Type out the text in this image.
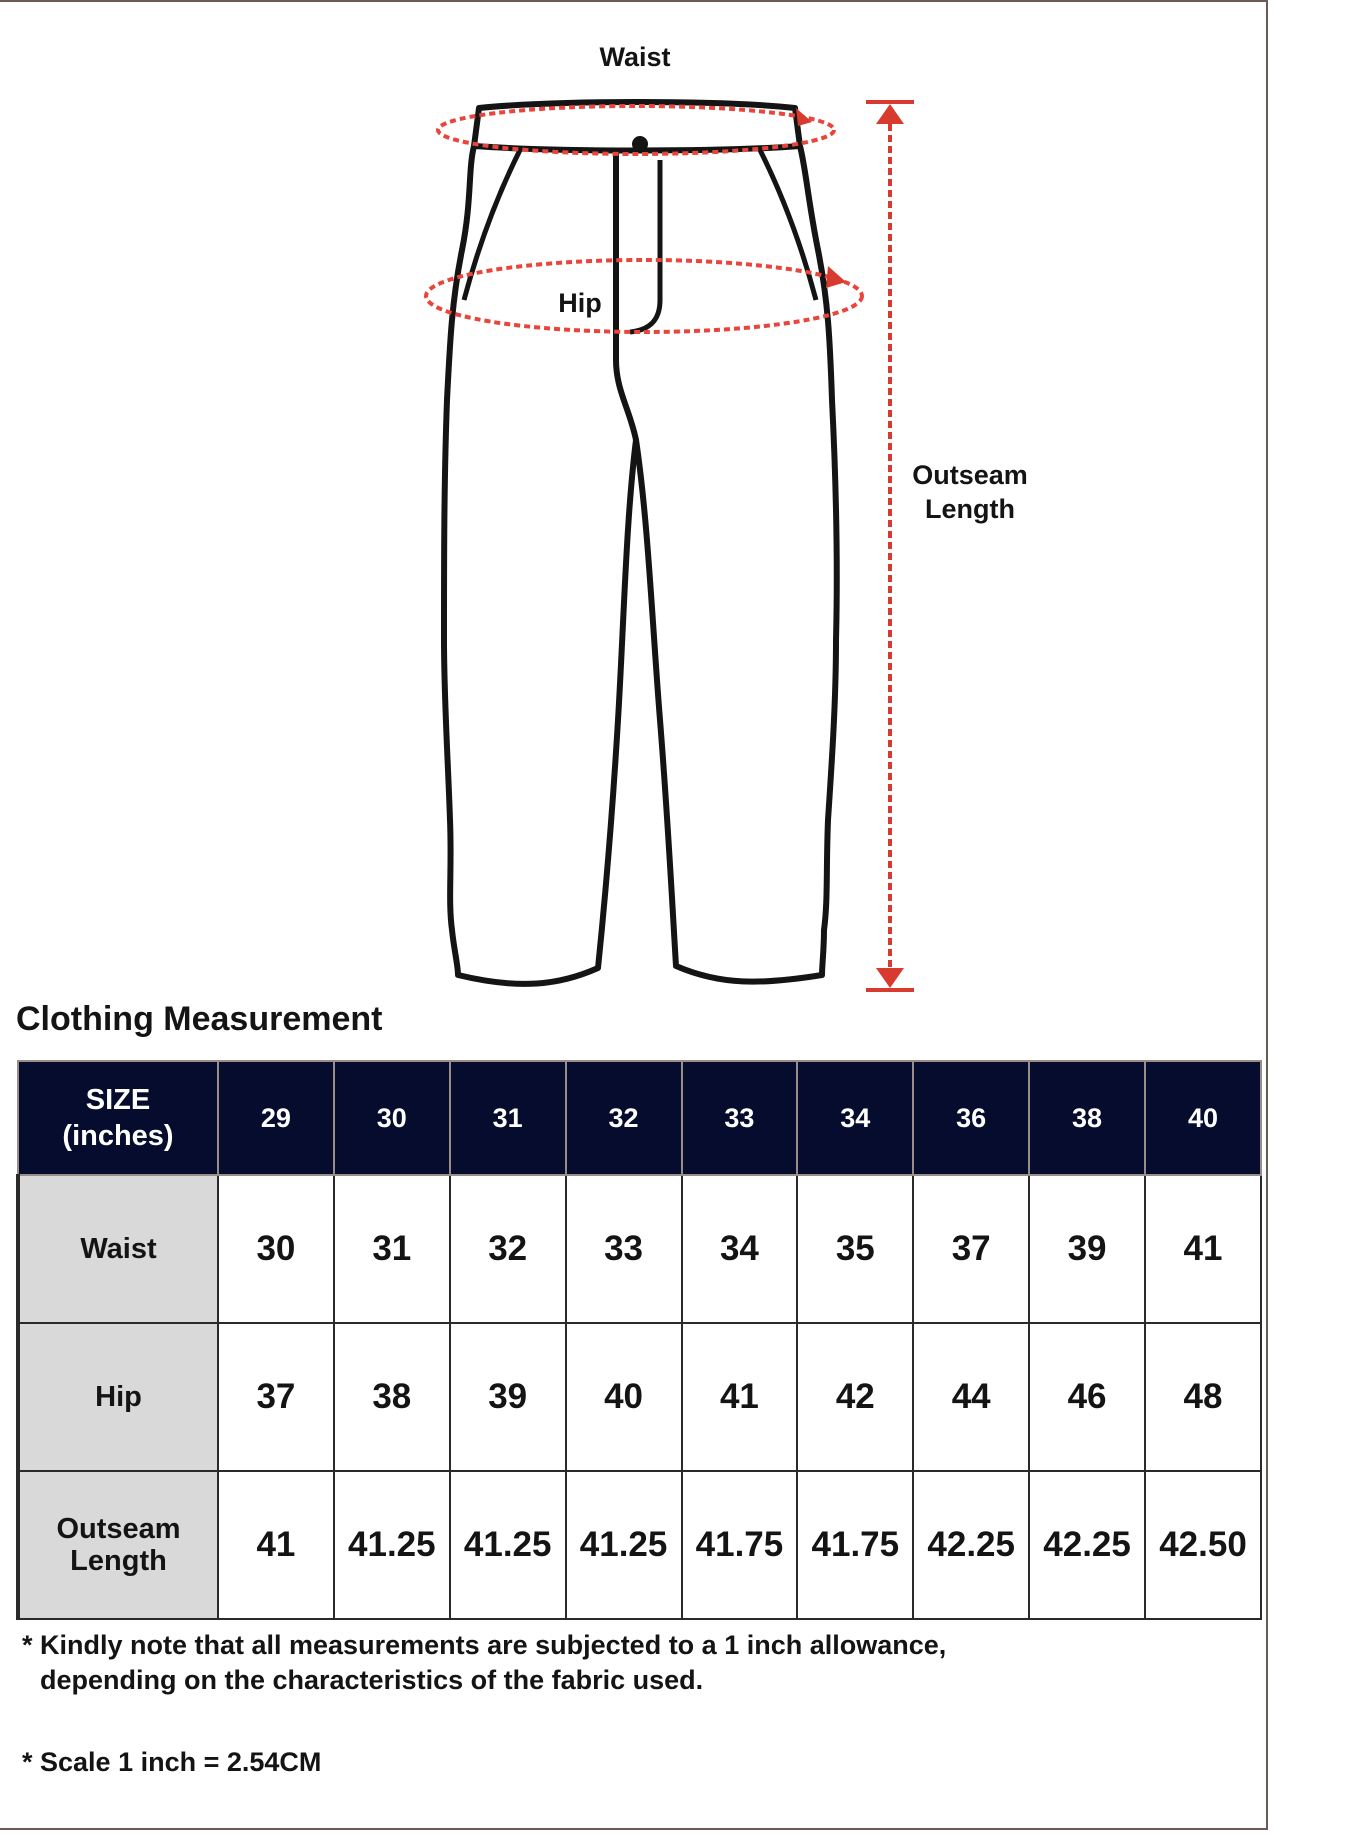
Waist
Hip
Outseam
Length
Clothing Measurement
SIZE
(inches)	29	30	31	32	33	34	36	38	40
Waist	30	31	32	33	34	35	37	39	41
Hip	37	38	39	40	41	42	44	46	48

Outseam
Length	41	41.25	41.25	41.25	41.75	41.75	42.25	42.25	42.50
* Kindly note that all measurements are subjected to a 1 inch allowance,
depending on the characteristics of the fabric used.
* Scale 1 inch = 2.54CM
